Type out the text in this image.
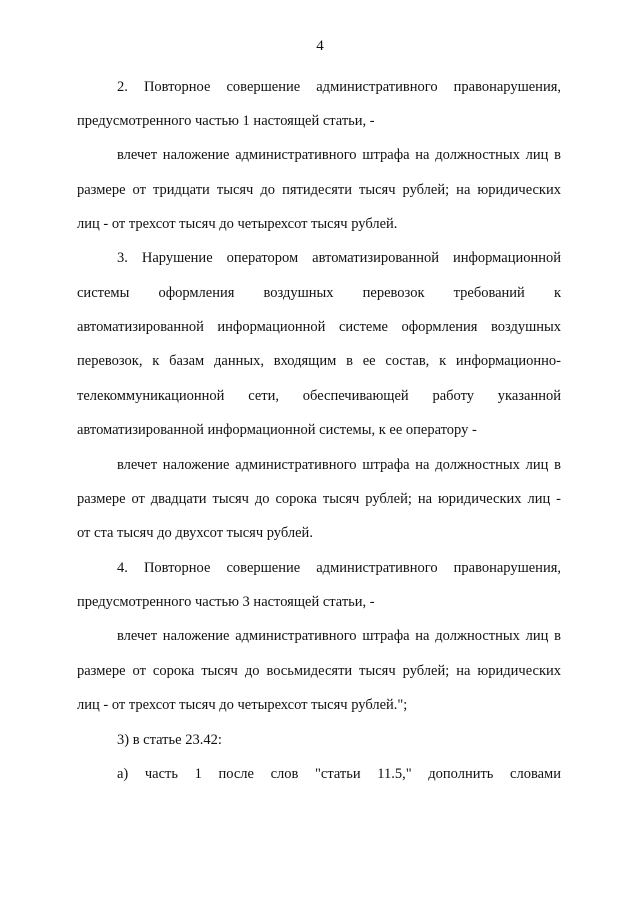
4
2. Повторное совершение административного правонарушения,
предусмотренного частью 1 настоящей статьи, -
влечет наложение административного штрафа на должностных лиц в
размере от тридцати тысяч до пятидесяти тысяч рублей; на юридических
лиц - от трехсот тысяч до четырехсот тысяч рублей.
3. Нарушение оператором автоматизированной информационной
системы оформления воздушных перевозок требований к
автоматизированной информационной системе оформления воздушных
перевозок, к базам данных, входящим в ее состав, к информационно-
телекоммуникационной сети, обеспечивающей работу указанной
автоматизированной информационной системы, к ее оператору -
влечет наложение административного штрафа на должностных лиц в
размере от двадцати тысяч до сорока тысяч рублей; на юридических лиц -
от ста тысяч до двухсот тысяч рублей.
4. Повторное совершение административного правонарушения,
предусмотренного частью 3 настоящей статьи, -
влечет наложение административного штрафа на должностных лиц в
размере от сорока тысяч до восьмидесяти тысяч рублей; на юридических
лиц - от трехсот тысяч до четырехсот тысяч рублей.";
3) в статье 23.42:
а) часть 1 после слов "статьи 11.5," дополнить словами
